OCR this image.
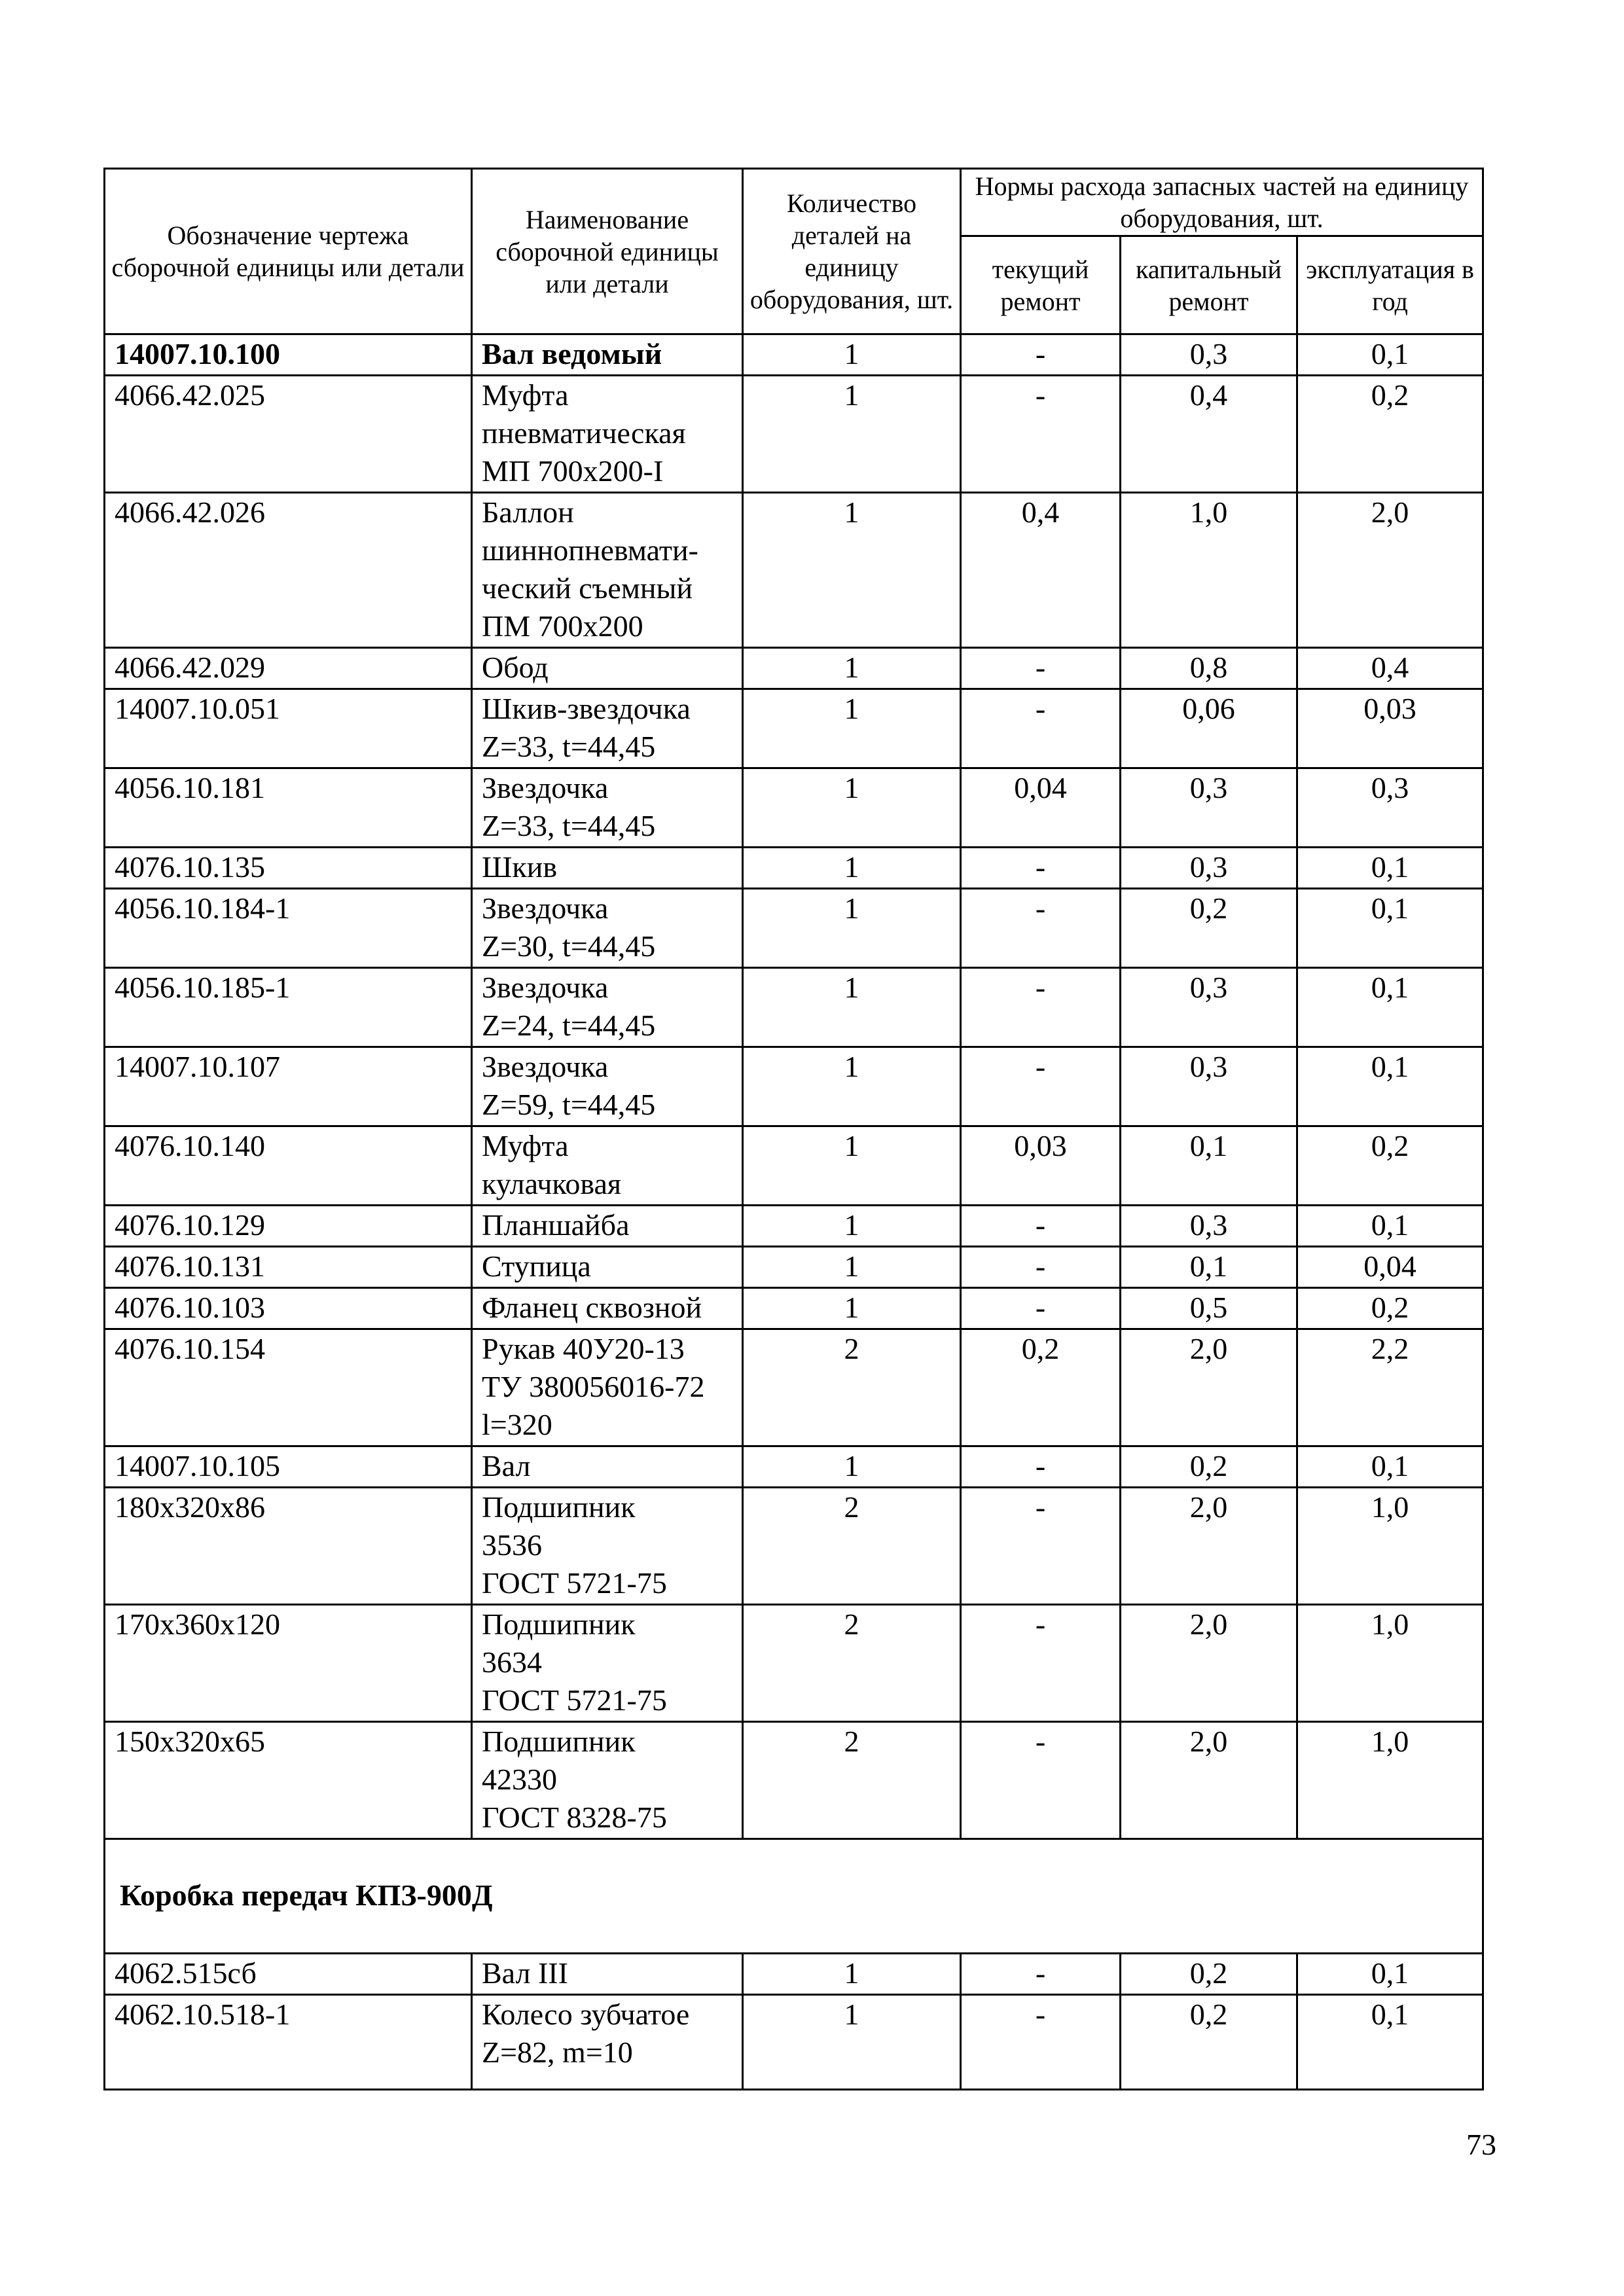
Обозначение чертежа сборочной единицы или детали	Наименование сборочной единицы или детали	Количество деталей на единицу оборудования, шт.	Нормы расхода запасных частей на единицу оборудования, шт.		
			текущий ремонт	капитальный ремонт	эксплуатация в год
14007.10.100	Вал ведомый	1	-	0,3	0,1
4066.42.025	Муфта
пневматическая
МП 700х200-I	1	-	0,4	0,2
4066.42.026	Баллон
шиннопневмати-
ческий съемный
ПМ 700х200	1	0,4	1,0	2,0
4066.42.029	Обод	1	-	0,8	0,4
14007.10.051	Шкив-звездочка
Z=33, t=44,45	1	-	0,06	0,03
4056.10.181	Звездочка
Z=33, t=44,45	1	0,04	0,3	0,3
4076.10.135	Шкив	1	-	0,3	0,1
4056.10.184-1	Звездочка
Z=30, t=44,45	1	-	0,2	0,1
4056.10.185-1	Звездочка
Z=24, t=44,45	1	-	0,3	0,1
14007.10.107	Звездочка
Z=59, t=44,45	1	-	0,3	0,1
4076.10.140	Муфта
кулачковая	1	0,03	0,1	0,2
4076.10.129	Планшайба	1	-	0,3	0,1
4076.10.131	Ступица	1	-	0,1	0,04
4076.10.103	Фланец сквозной	1	-	0,5	0,2
4076.10.154	Рукав 40У20-13
ТУ 380056016-72
l=320	2	0,2	2,0	2,2
14007.10.105	Вал	1	-	0,2	0,1
180х320х86	Подшипник
3536
ГОСТ 5721-75	2	-	2,0	1,0
170х360х120	Подшипник
3634
ГОСТ 5721-75	2	-	2,0	1,0
150х320х65	Подшипник
42330
ГОСТ 8328-75	2	-	2,0	1,0
Коробка передач КПЗ-900Д					
4062.515сб	Вал III	1	-	0,2	0,1
4062.10.518-1	Колесо зубчатое
Z=82, m=10	1	-	0,2	0,1
73
